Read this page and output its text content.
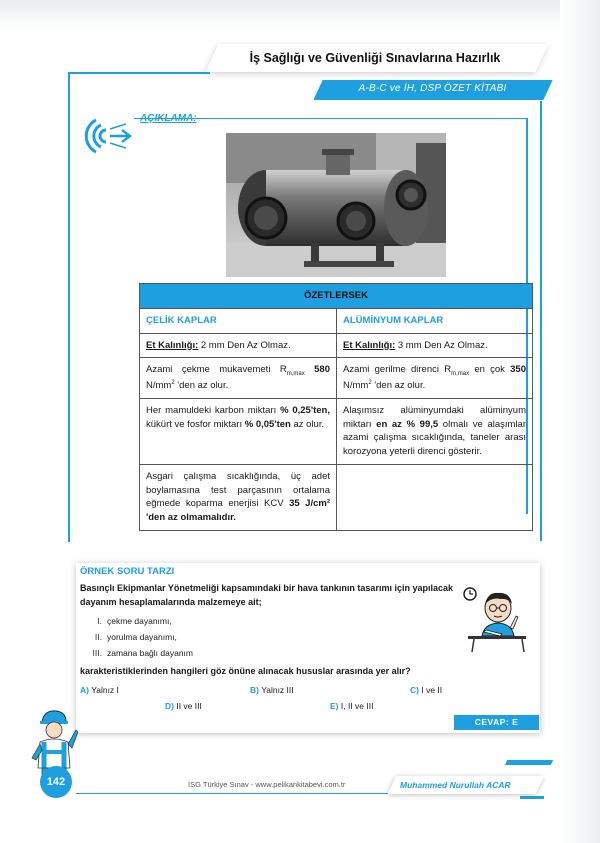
İş Sağlığı ve Güvenliği Sınavlarına Hazırlık
A-B-C ve İH, DSP ÖZET KİTABI
AÇIKLAMA:
ÖZETLERSEK	
ÇELİK KAPLAR	ALÜMİNYUM KAPLAR
Et Kalınlığı: 2 mm Den Az Olmaz.	Et Kalınlığı: 3 mm Den Az Olmaz.
Azami çekme mukavemeti $R_{m,max}$ 580 $N/mm^2$ 'den az olur.	Azami gerilme direnci $R_{m,max}$ en çok 350 $N/mm^2$ 'den az olur.
Her mamuldeki karbon miktarı % 0,25'ten, kükürt ve fosfor miktarı % 0,05'ten az olur.	Alaşımsız alüminyumdaki alüminyum miktarı en az % 99,5 olmalı ve alaşımlar azami çalışma sıcaklığında, taneler arası korozyona yeterli direnci gösterir.
Asgari çalışma sıcaklığında, üç adet boylamasına test parçasının ortalama eğmede koparma enerjisi KCV 35 J/cm² 'den az olmamalıdır.	
ÖRNEK SORU TARZI
Basınçlı Ekipmanlar Yönetmeliği kapsamındaki bir hava tankının tasarımı için yapılacak dayanım hesaplamalarında malzemeye ait;
I. çekme dayanımı,
II. yorulma dayanımı,
III. zamana bağlı dayanım
karakteristiklerinden hangileri göz önüne alınacak hususlar arasında yer alır?
A) Yalnız I	B) Yalnız III	C) I ve II
D) II ve III	E) I, II ve III
CEVAP: E
142	İSG Türkiye Sınav - www.pelikankitabevi.com.tr	Muhammed Nurullah ACAR
